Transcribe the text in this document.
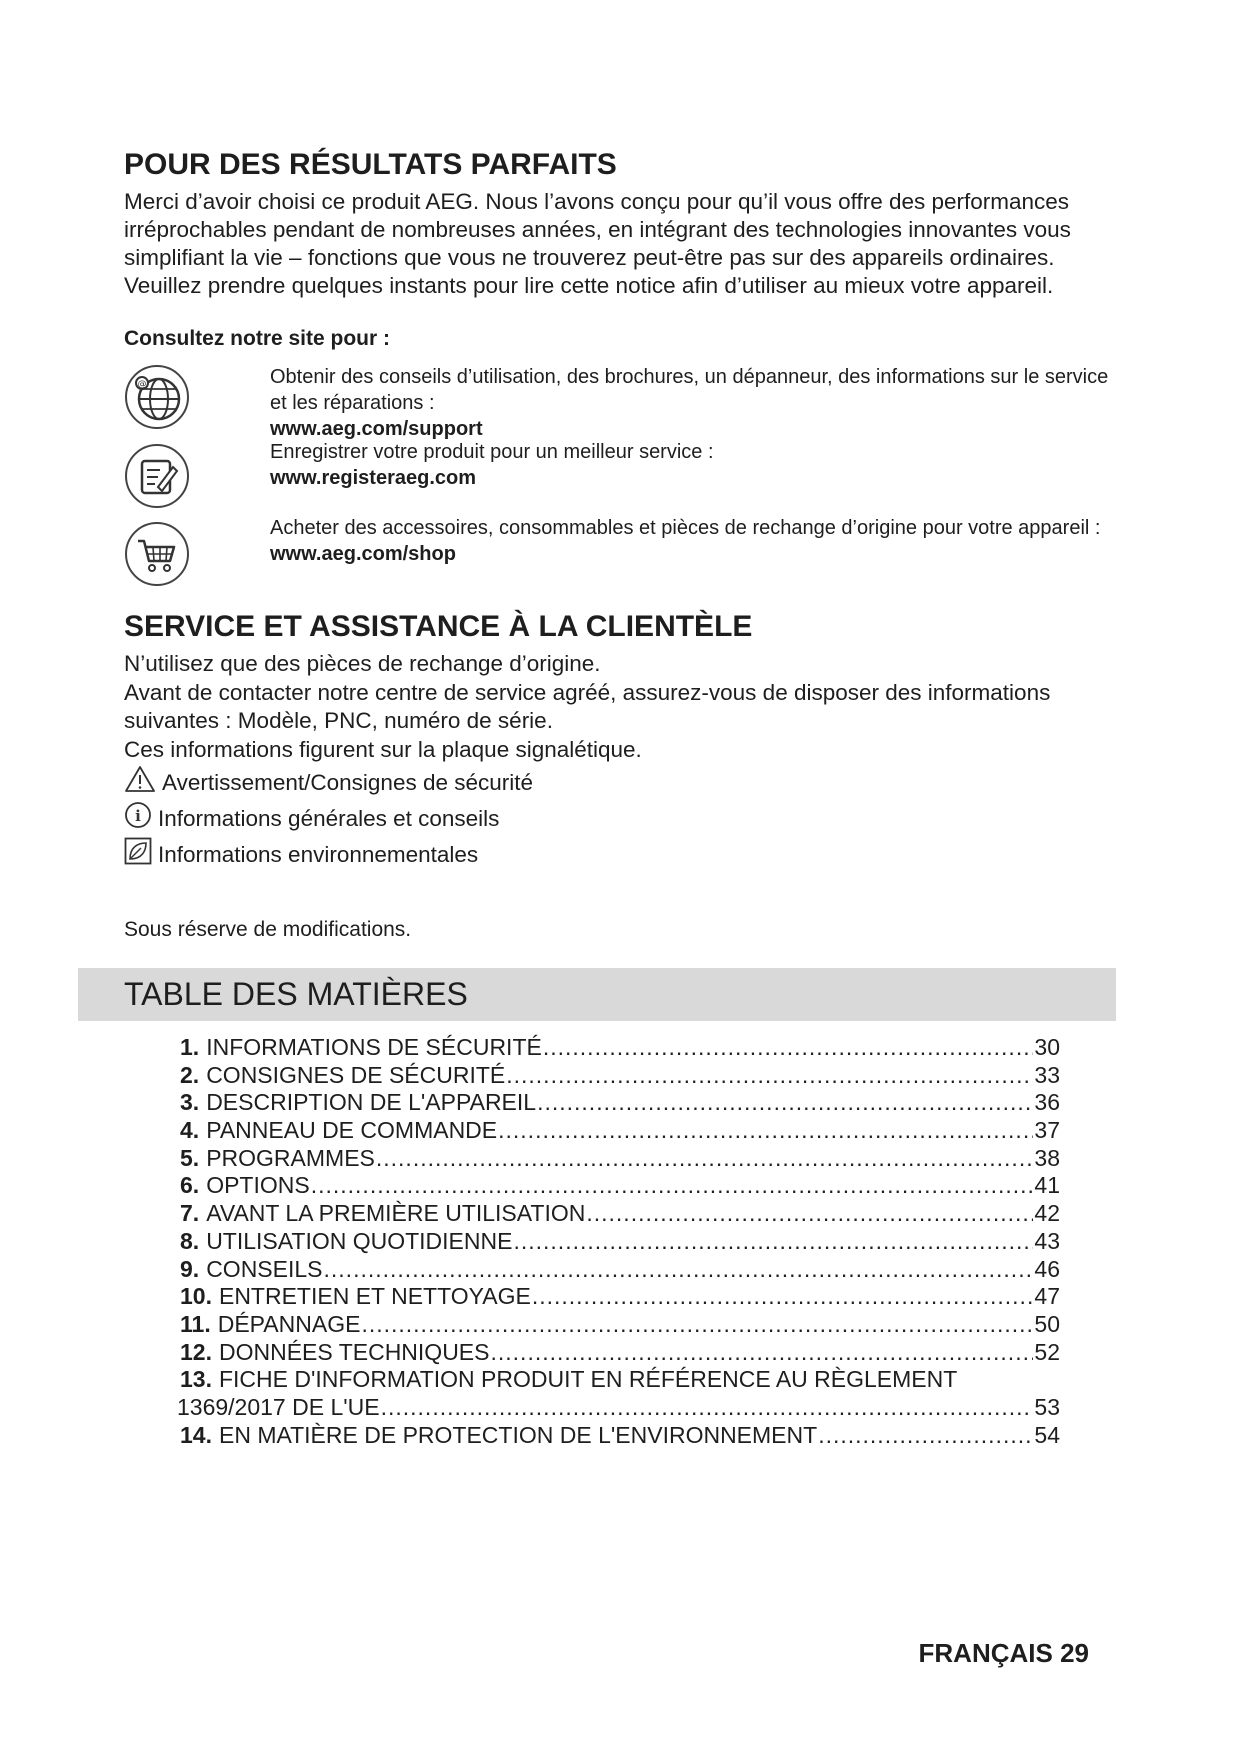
POUR DES RÉSULTATS PARFAITS
Merci d’avoir choisi ce produit AEG. Nous l’avons conçu pour qu’il vous offre des performances irréprochables pendant de nombreuses années, en intégrant des technologies innovantes vous simplifiant la vie – fonctions que vous ne trouverez peut-être pas sur des appareils ordinaires. Veuillez prendre quelques instants pour lire cette notice afin d’utiliser au mieux votre appareil.
Consultez notre site pour :
@	Obtenir des conseils d’utilisation, des brochures, un dépanneur, des informations sur le service et les réparations :
www.aeg.com/support
Enregistrer votre produit pour un meilleur service :
www.registeraeg.com
Acheter des accessoires, consommables et pièces de rechange d’origine pour votre appareil :
www.aeg.com/shop
SERVICE ET ASSISTANCE À LA CLIENTÈLE
N’utilisez que des pièces de rechange d’origine.
Avant de contacter notre centre de service agréé, assurez-vous de disposer des informations suivantes : Modèle, PNC, numéro de série.
Ces informations figurent sur la plaque signalétique.
Avertissement/Consignes de sécurité
i Informations générales et conseils
Informations environnementales
Sous réserve de modifications.
TABLE DES MATIÈRES
1. INFORMATIONS DE SÉCURITÉ .....	30
2. CONSIGNES DE SÉCURITÉ .....	33
3. DESCRIPTION DE L'APPAREIL .....	36
4. PANNEAU DE COMMANDE .....	37
5. PROGRAMMES .....	38
6. OPTIONS .....	41
7. AVANT LA PREMIÈRE UTILISATION .....	42
8. UTILISATION QUOTIDIENNE .....	43
9. CONSEILS .....	46
10. ENTRETIEN ET NETTOYAGE .....	47
11. DÉPANNAGE .....	50
12. DONNÉES TECHNIQUES .....	52
13. FICHE D'INFORMATION PRODUIT EN RÉFÉRENCE AU RÈGLEMENT
1369/2017 DE L'UE .....	53
14. EN MATIÈRE DE PROTECTION DE L'ENVIRONNEMENT .....	54
FRANÇAIS 29
